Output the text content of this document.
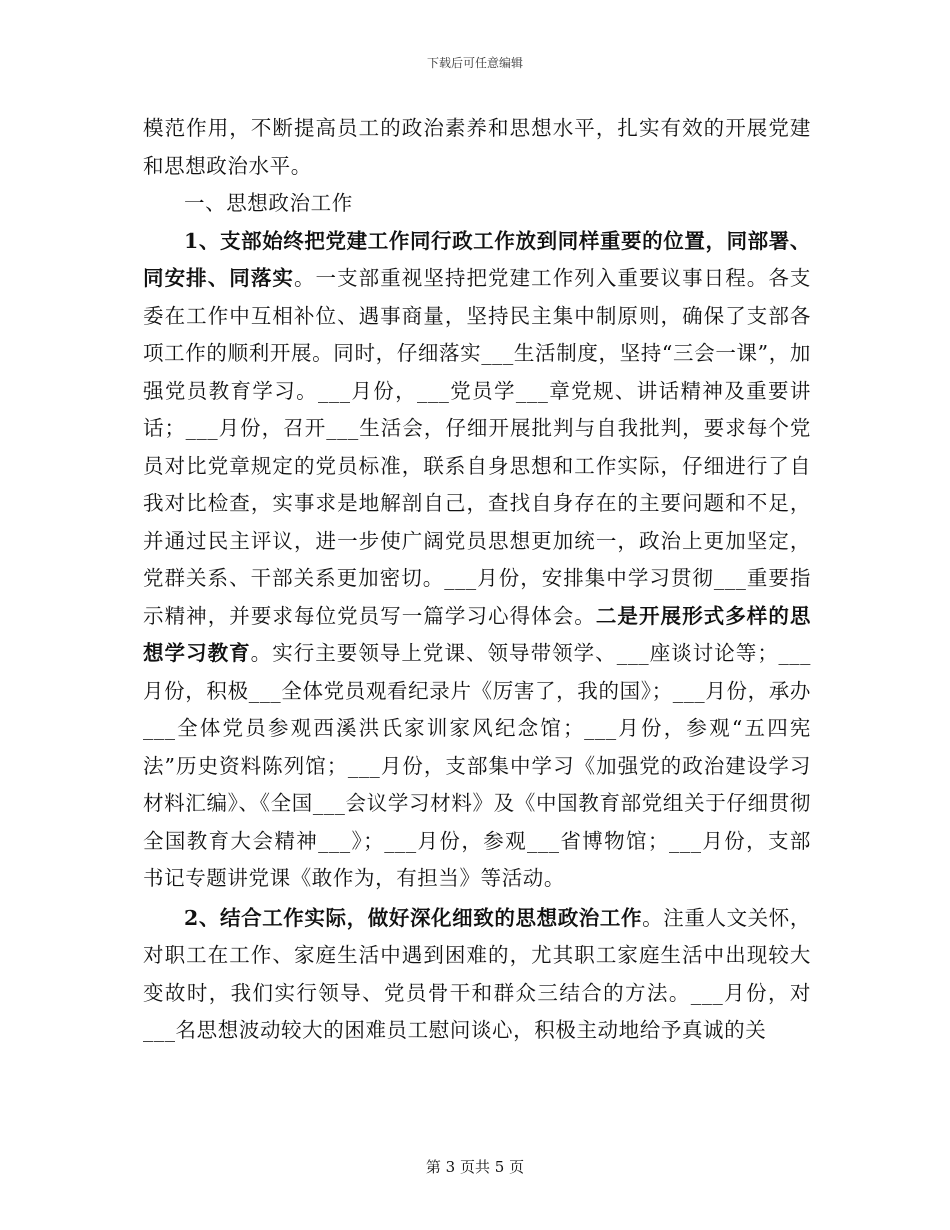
下载后可任意编辑

模范作用，不断提高员工的政治素养和思想水平，扎实有效的开展党建和思想政治水平。

一、思想政治工作

1、支部始终把党建工作同行政工作放到同样重要的位置，同部署、同安排、同落实。一支部重视坚持把党建工作列入重要议事日程。各支委在工作中互相补位、遇事商量，坚持民主集中制原则，确保了支部各项工作的顺利开展。同时，仔细落实___生活制度，坚持“三会一课”，加强党员教育学习。___月份，___党员学___章党规、讲话精神及重要讲话；___月份，召开___生活会，仔细开展批判与自我批判，要求每个党员对比党章规定的党员标准，联系自身思想和工作实际，仔细进行了自我对比检查，实事求是地解剖自己，查找自身存在的主要问题和不足，并通过民主评议，进一步使广阔党员思想更加统一，政治上更加坚定，党群关系、干部关系更加密切。___月份，安排集中学习贯彻___重要指示精神，并要求每位党员写一篇学习心得体会。二是开展形式多样的思想学习教育。实行主要领导上党课、领导带领学、___座谈讨论等；___月份，积极___全体党员观看纪录片《厉害了，我的国》；___月份，承办___全体党员参观西溪洪氏家训家风纪念馆；___月份，参观“五四宪法”历史资料陈列馆；___月份，支部集中学习《加强党的政治建设学习材料汇编》、《全国___会议学习材料》及《中国教育部党组关于仔细贯彻全国教育大会精神___》；___月份，参观___省博物馆；___月份，支部书记专题讲党课《敢作为，有担当》等活动。

2、结合工作实际，做好深化细致的思想政治工作。注重人文关怀，对职工在工作、家庭生活中遇到困难的，尤其职工家庭生活中出现较大变故时，我们实行领导、党员骨干和群众三结合的方法。___月份，对___名思想波动较大的困难员工慰问谈心，积极主动地给予真诚的关

第 3 页共 5 页
